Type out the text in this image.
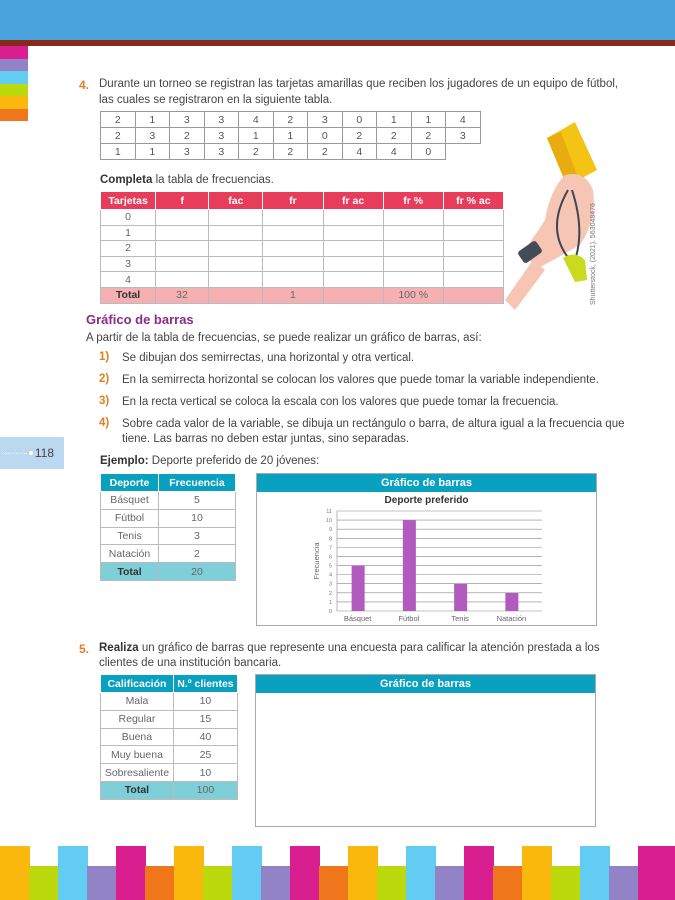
118
4. Durante un torneo se registran las tarjetas amarillas que reciben los jugadores de un equipo de fútbol,
las cuales se registraron en la siguiente tabla.
2	1	3	3	4	2	3	0	1	1	4
2	3	2	3	1	1	0	2	2	2	3
1	1	3	3	2	2	2	4	4	0	
Completa la tabla de frecuencias.
Tarjetas	f	fac	fr	fr ac	fr %	fr % ac
0						
1						
2						
3						
4						
Total	32		1		100 %		Shutterstock, (2021). 563048476
Gráfico de barras
A partir de la tabla de frecuencias, se puede realizar un gráfico de barras, así:
1) Se dibujan dos semirrectas, una horizontal y otra vertical.
2) En la semirrecta horizontal se colocan los valores que puede tomar la variable independiente.
3) En la recta vertical se coloca la escala con los valores que puede tomar la frecuencia.
4) Sobre cada valor de la variable, se dibuja un rectángulo o barra, de altura igual a la frecuencia que
tiene. Las barras no deben estar juntas, sino separadas.
Ejemplo: Deporte preferido de 20 jóvenes:
Deporte	Frecuencia
Básquet	5
Fútbol	10
Tenis	3
Natación	2
Total	20
Gráfico de barras
Deporte preferido
0
1
2
3
4
5
6
7
8
9
10
11
Frecuencia
Básquet	Fútbol	Tenis	Natación
5. Realiza un gráfico de barras que represente una encuesta para calificar la atención prestada a los
clientes de una institución bancaria.
Calificación	N.º clientes
Mala	10
Regular	15
Buena	40
Muy buena	25
Sobresaliente	10
Total	100
Gráfico de barras
